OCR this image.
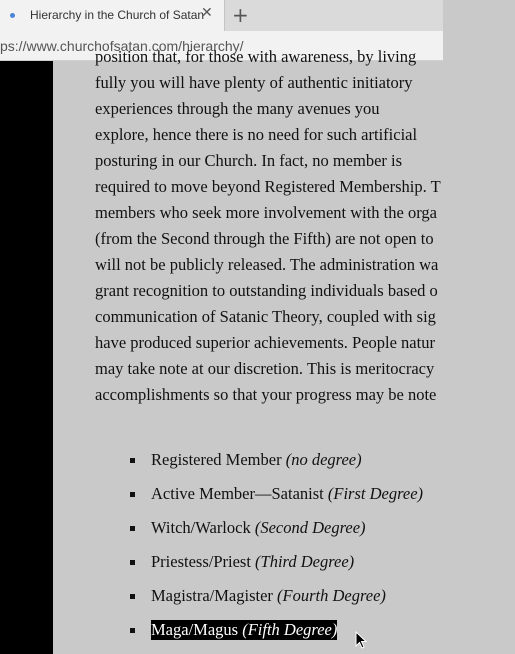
Hierarchy in the Church of Satan
✕ +
ps://www.churchofsatan.com/hierarchy/

position that, for those with awareness, by living
fully you will have plenty of authentic initiatory
experiences through the many avenues you
explore, hence there is no need for such artificial
posturing in our Church. In fact, no member is
required to move beyond Registered Membership. T
members who seek more involvement with the orga
(from the Second through the Fifth) are not open to
will not be publicly released. The administration wa
grant recognition to outstanding individuals based o
communication of Satanic Theory, coupled with sig
have produced superior achievements. People natur
may take note at our discretion. This is meritocracy
accomplishments so that your progress may be note

Registered Member (no degree)
Active Member—Satanist (First Degree)
Witch/Warlock (Second Degree)
Priestess/Priest (Third Degree)
Magistra/Magister (Fourth Degree)
Maga/Magus (Fifth Degree)
